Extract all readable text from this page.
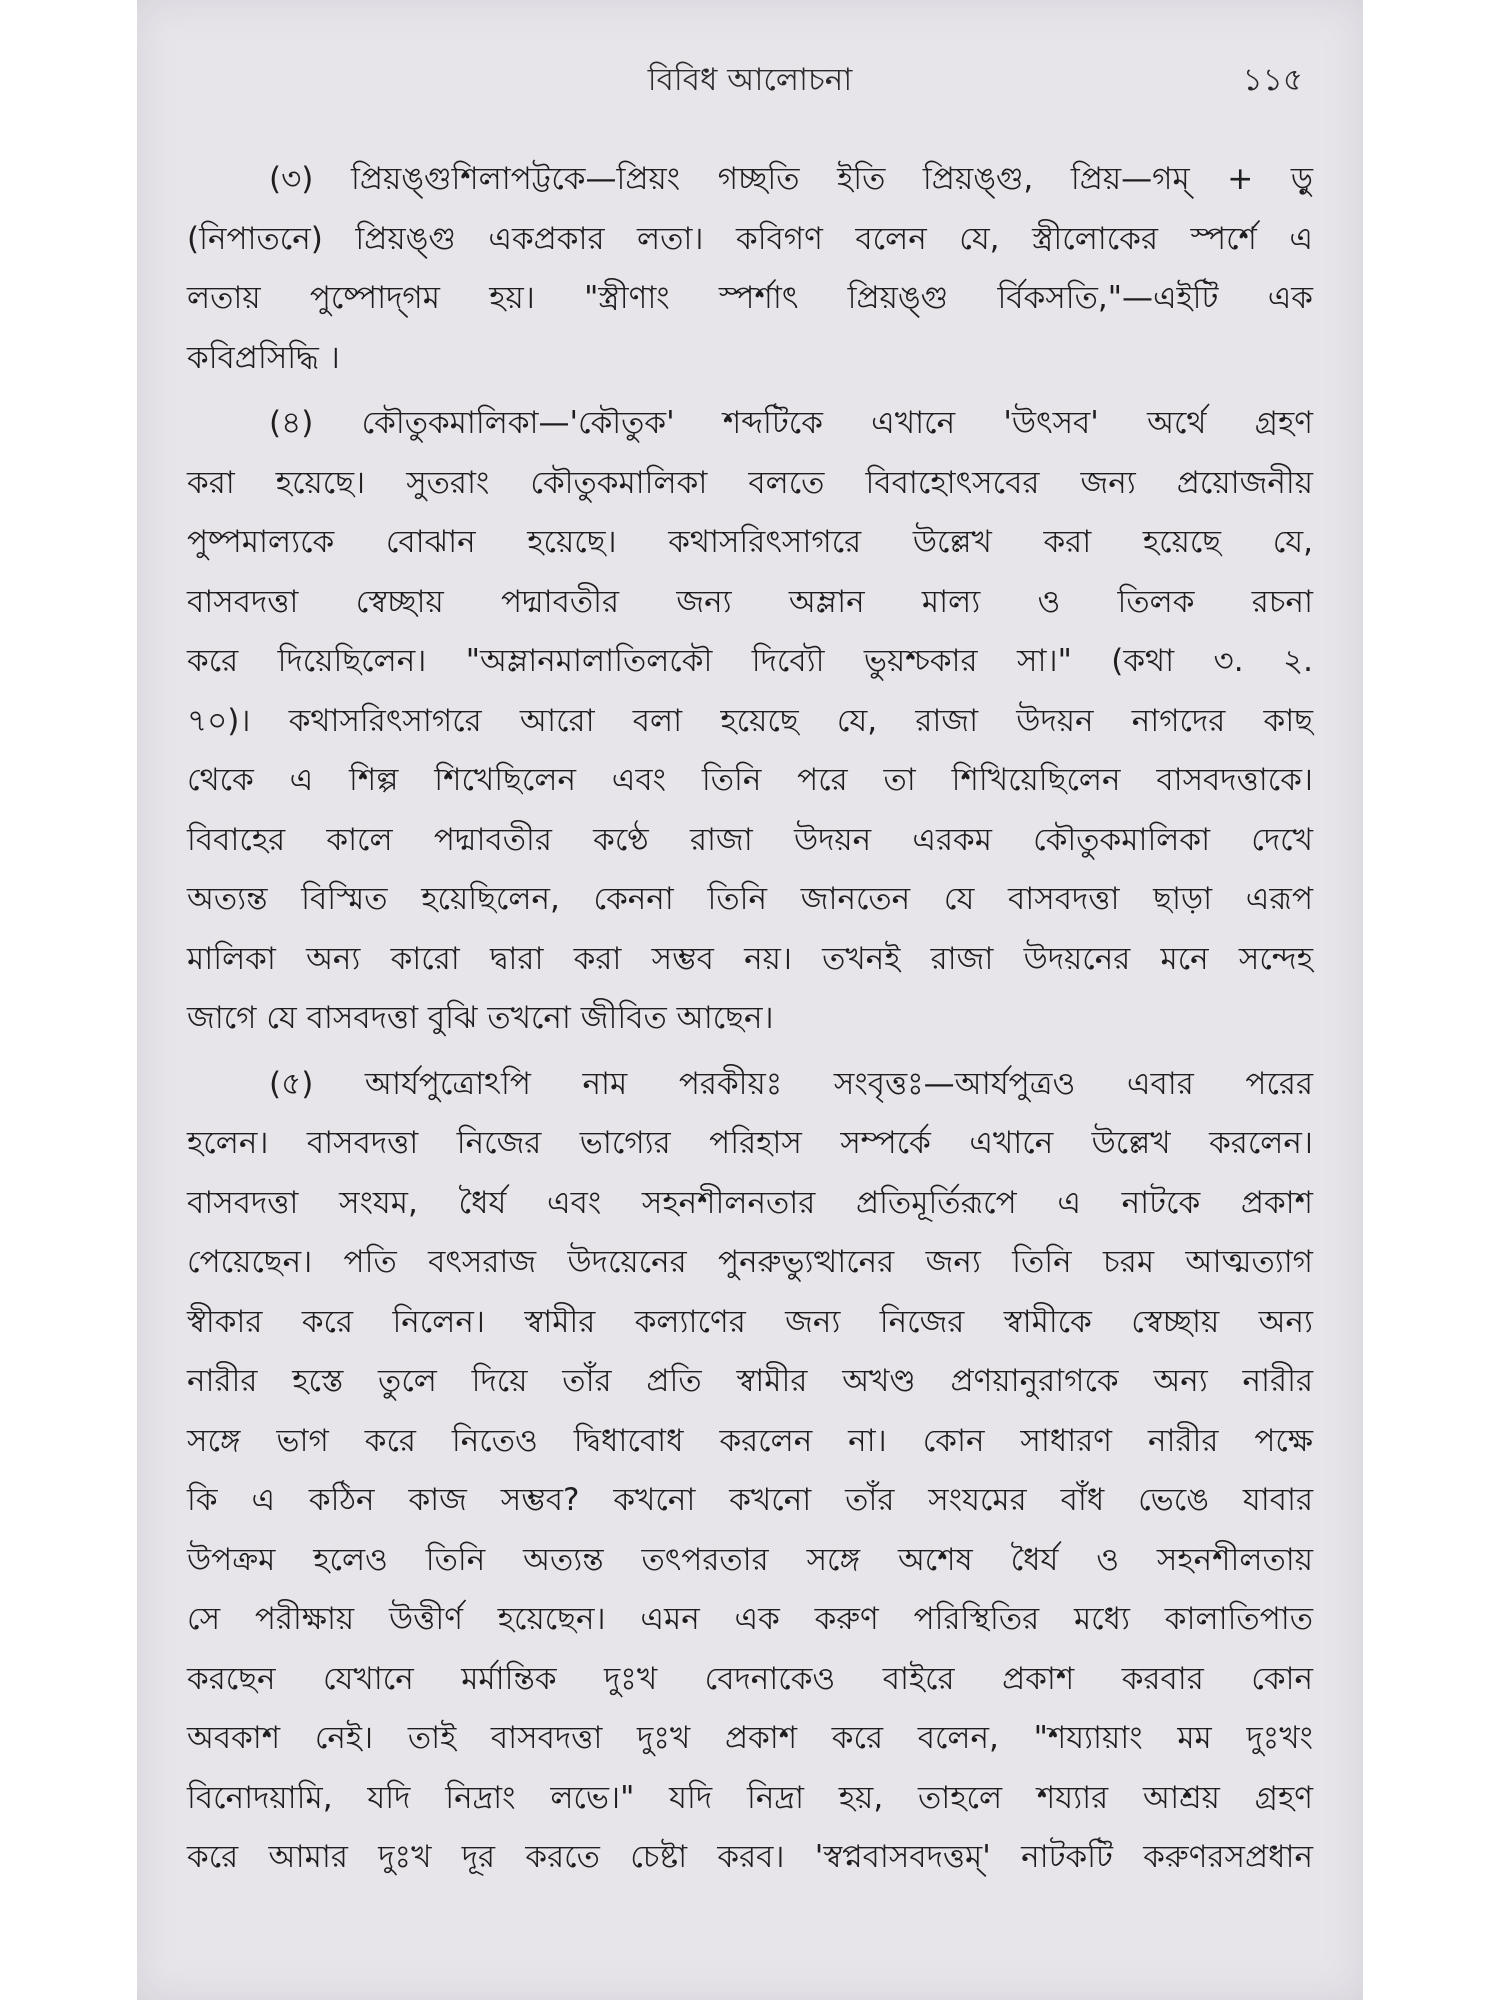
বিবিধ আলোচনা	১১৫

(৩) প্রিয়ঙ্গুশিলাপট্টকে—প্রিয়ং গচ্ছতি ইতি প্রিয়ঙ্গু, প্রিয়—গম্ + ড়ু
(নিপাতনে) প্রিয়ঙ্গু একপ্রকার লতা। কবিগণ বলেন যে, স্ত্রীলোকের স্পর্শে এ
লতায় পুষ্পোদ্‌গম হয়। "স্ত্রীণাং স্পর্শাৎ প্রিয়ঙ্গু র্বিকসতি,"—এইটি এক
কবিপ্রসিদ্ধি ।

(৪) কৌতুকমালিকা—'কৌতুক' শব্দটিকে এখানে 'উৎসব' অর্থে গ্রহণ
করা হয়েছে। সুতরাং কৌতুকমালিকা বলতে বিবাহোৎসবের জন্য প্রয়োজনীয়
পুষ্পমাল্যকে বোঝান হয়েছে। কথাসরিৎসাগরে উল্লেখ করা হয়েছে যে,
বাসবদত্তা স্বেচ্ছায় পদ্মাবতীর জন্য অম্লান মাল্য ও তিলক রচনা
করে দিয়েছিলেন। "অম্লানমালাতিলকৌ দিব্যৌ ভুয়শ্চকার সা।" (কথা ৩. ২.
৭০)। কথাসরিৎসাগরে আরো বলা হয়েছে যে, রাজা উদয়ন নাগদের কাছ
থেকে এ শিল্প শিখেছিলেন এবং তিনি পরে তা শিখিয়েছিলেন বাসবদত্তাকে।
বিবাহের কালে পদ্মাবতীর কণ্ঠে রাজা উদয়ন এরকম কৌতুকমালিকা দেখে
অত্যন্ত বিস্মিত হয়েছিলেন, কেননা তিনি জানতেন যে বাসবদত্তা ছাড়া এরূপ
মালিকা অন্য কারো দ্বারা করা সম্ভব নয়। তখনই রাজা উদয়নের মনে সন্দেহ
জাগে যে বাসবদত্তা বুঝি তখনো জীবিত আছেন।

(৫) আর্যপুত্রোঽপি নাম পরকীয়ঃ সংবৃত্তঃ—আর্যপুত্রও এবার পরের
হলেন। বাসবদত্তা নিজের ভাগ্যের পরিহাস সম্পর্কে এখানে উল্লেখ করলেন।
বাসবদত্তা সংযম, ধৈর্য এবং সহনশীলনতার প্রতিমূর্তিরূপে এ নাটকে প্রকাশ
পেয়েছেন। পতি বৎসরাজ উদয়েনের পুনরুভ্যুত্থানের জন্য তিনি চরম আত্মত্যাগ
স্বীকার করে নিলেন। স্বামীর কল্যাণের জন্য নিজের স্বামীকে স্বেচ্ছায় অন্য
নারীর হস্তে তুলে দিয়ে তাঁর প্রতি স্বামীর অখণ্ড প্রণয়ানুরাগকে অন্য নারীর
সঙ্গে ভাগ করে নিতেও দ্বিধাবোধ করলেন না। কোন সাধারণ নারীর পক্ষে
কি এ কঠিন কাজ সম্ভব? কখনো কখনো তাঁর সংযমের বাঁধ ভেঙে যাবার
উপক্রম হলেও তিনি অত্যন্ত তৎপরতার সঙ্গে অশেষ ধৈর্য ও সহনশীলতায়
সে পরীক্ষায় উত্তীর্ণ হয়েছেন। এমন এক করুণ পরিস্থিতির মধ্যে কালাতিপাত
করছেন যেখানে মর্মান্তিক দুঃখ বেদনাকেও বাইরে প্রকাশ করবার কোন
অবকাশ নেই। তাই বাসবদত্তা দুঃখ প্রকাশ করে বলেন, "শয্যায়াং মম দুঃখং
বিনোদয়ামি, যদি নিদ্রাং লভে।" যদি নিদ্রা হয়, তাহলে শয্যার আশ্রয় গ্রহণ
করে আমার দুঃখ দূর করতে চেষ্টা করব। 'স্বপ্নবাসবদত্তম্' নাটকটি করুণরসপ্রধান
